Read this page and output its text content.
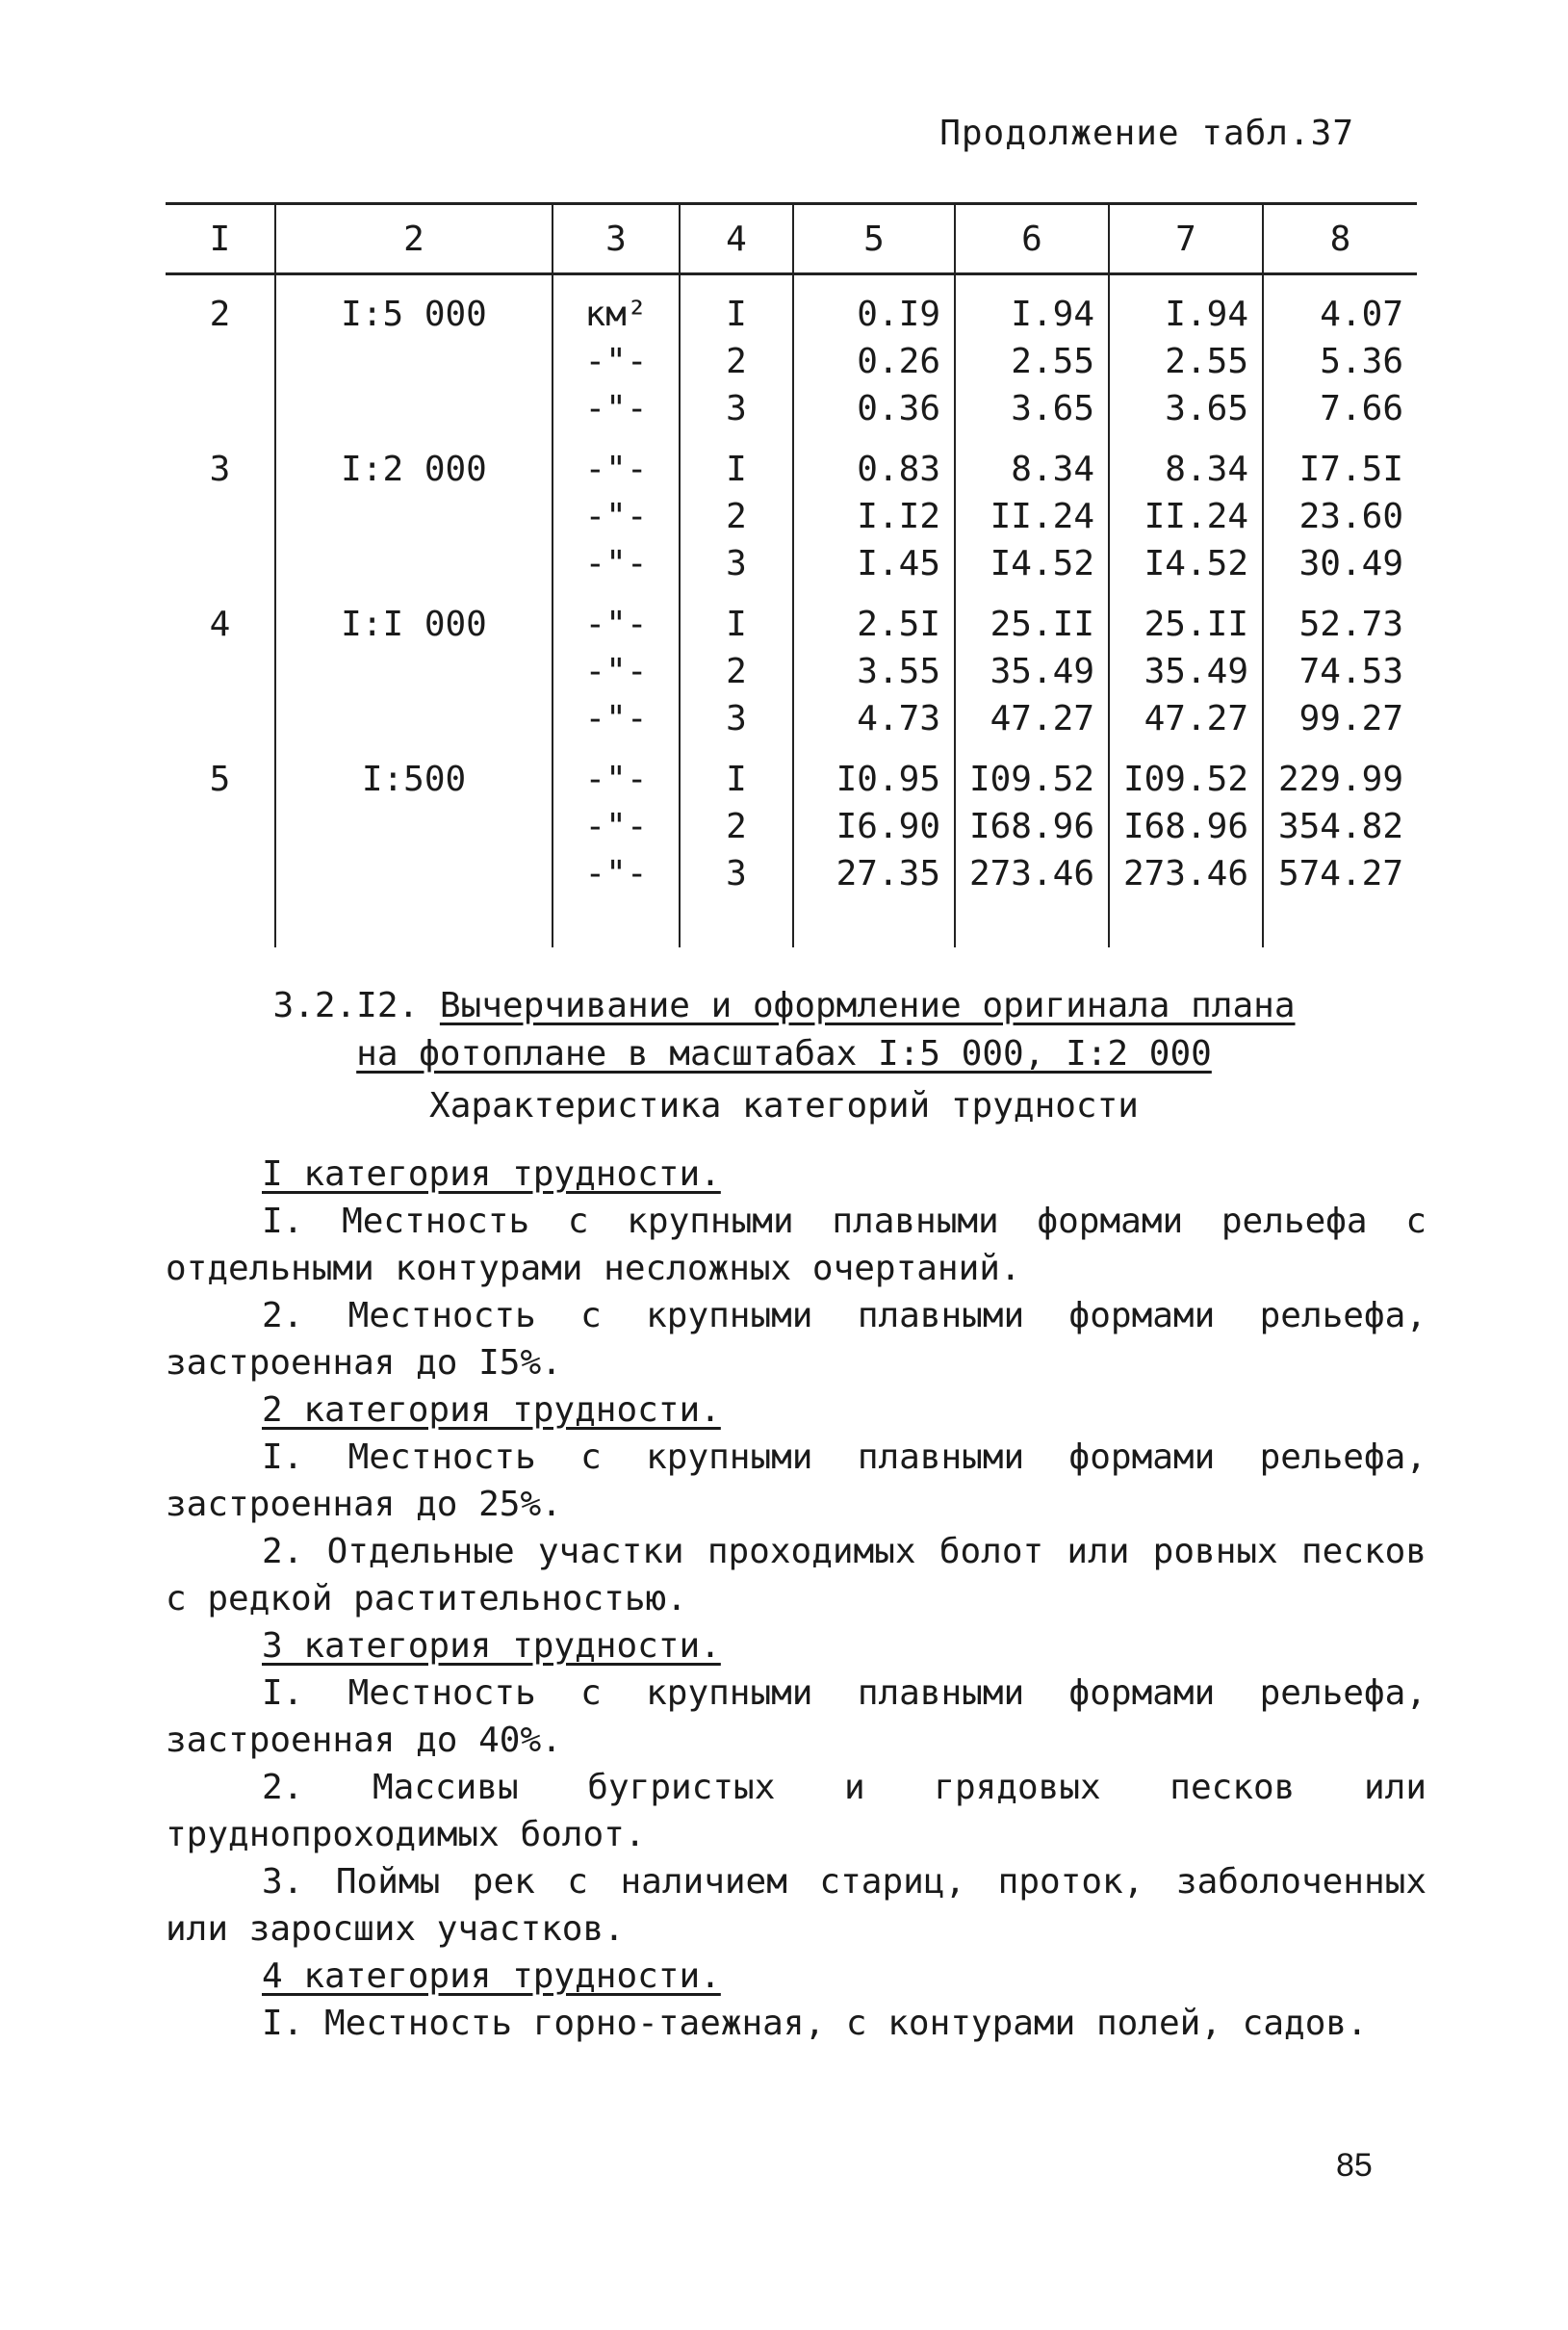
Продолжение табл.37
I	2	3	4	5	6	7	8
2	I:5 000	км²	I	0.I9	I.94	I.94	4.07
		-"-	2	0.26	2.55	2.55	5.36
		-"-	3	0.36	3.65	3.65	7.66
3	I:2 000	-"-	I	0.83	8.34	8.34	I7.5I
		-"-	2	I.I2	II.24	II.24	23.60
		-"-	3	I.45	I4.52	I4.52	30.49
4	I:I 000	-"-	I	2.5I	25.II	25.II	52.73
		-"-	2	3.55	35.49	35.49	74.53
		-"-	3	4.73	47.27	47.27	99.27
5	I:500	-"-	I	I0.95	I09.52	I09.52	229.99
		-"-	2	I6.90	I68.96	I68.96	354.82
		-"-	3	27.35	273.46	273.46	574.27

3.2.I2. Вычерчивание и оформление оригинала плана
на фотоплане в масштабах I:5 000, I:2 000
Характеристика категорий трудности

I категория трудности.

I. Местность с крупными плавными формами рельефа с отдельными контурами несложных очертаний.

2. Местность с крупными плавными формами рельефа, застроенная до I5%.

2 категория трудности.

I. Местность с крупными плавными формами рельефа, застроенная до 25%.

2. Отдельные участки проходимых болот или ровных песков с редкой растительностью.

3 категория трудности.

I. Местность с крупными плавными формами рельефа, застроенная до 40%.

2. Массивы бугристых и грядовых песков или труднопроходимых болот.

3. Поймы рек с наличием стариц, проток, заболоченных или заросших участков.

4 категория трудности.

I. Местность горно-таежная, с контурами полей, садов.

85
